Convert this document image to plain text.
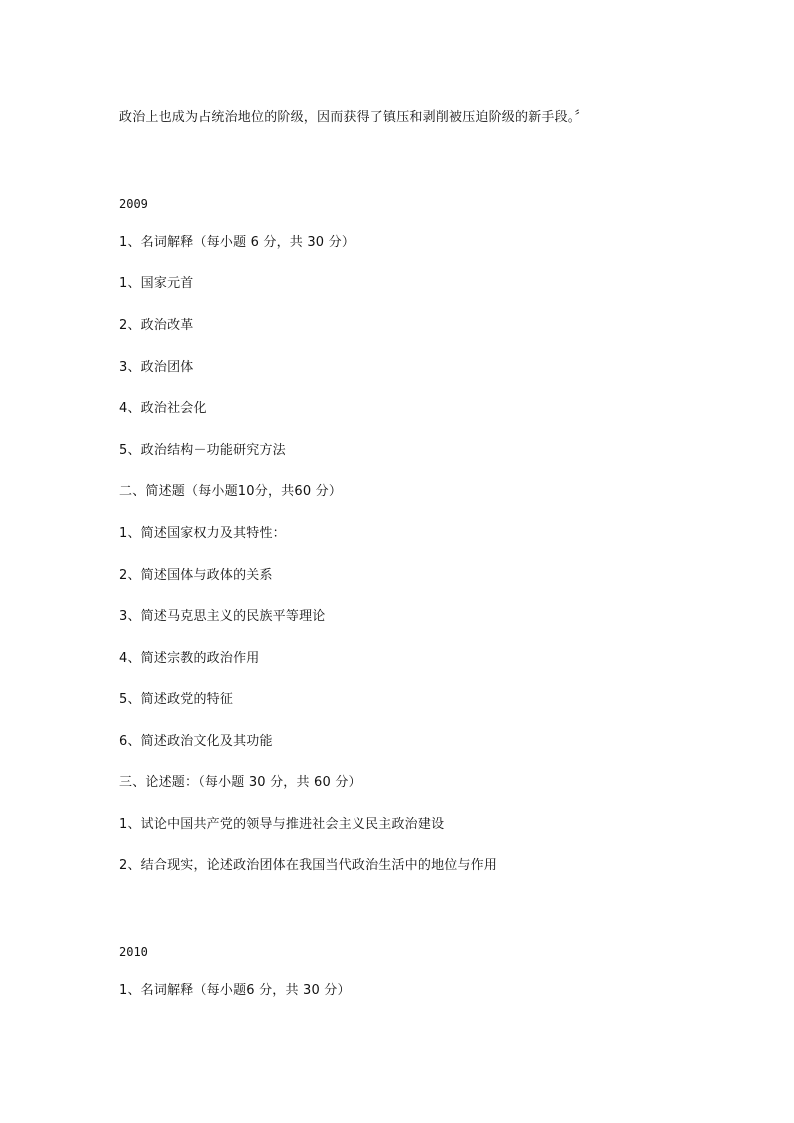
政治上也成为占统治地位的阶级，因而获得了镇压和剥削被压迫阶级的新手段。〞
2009
1、名词解释（每小题 6 分，共 30 分）
1、国家元首
2、政治改革
3、政治团体
4、政治社会化
5、政治结构－功能研究方法
二、简述题（每小题10分，共60 分）
1、简述国家权力及其特性：
2、简述国体与政体的关系
3、简述马克思主义的民族平等理论
4、简述宗教的政治作用
5、简述政党的特征
6、简述政治文化及其功能
三、论述题：（每小题 30 分，共 60 分）
1、试论中国共产党的领导与推进社会主义民主政治建设
2、结合现实，论述政治团体在我国当代政治生活中的地位与作用
2010
1、名词解释（每小题6 分，共 30 分）
